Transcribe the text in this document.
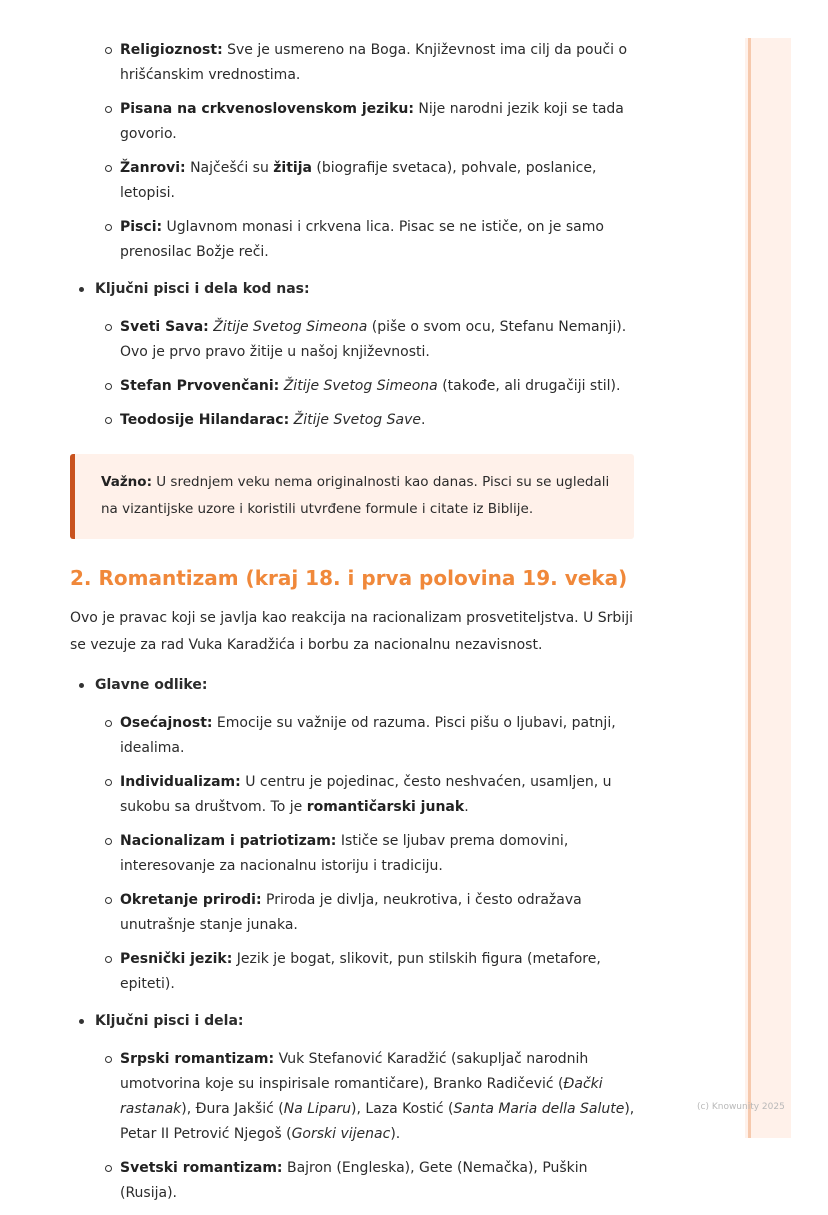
(c) Knowunity 2025
Religioznost: Sve je usmereno na Boga. Književnost ima cilj da pouči o hrišćanskim vrednostima.
Pisana na crkvenoslovenskom jeziku: Nije narodni jezik koji se tada govorio.
Žanrovi: Najčešći su žitija (biografije svetaca), pohvale, poslanice, letopisi.
Pisci: Uglavnom monasi i crkvena lica. Pisac se ne ističe, on je samo prenosilac Božje reči.
Ključni pisci i dela kod nas:
Sveti Sava: Žitije Svetog Simeona (piše o svom ocu, Stefanu Nemanji). Ovo je prvo pravo žitije u našoj književnosti.
Stefan Prvovenčani: Žitije Svetog Simeona (takođe, ali drugačiji stil).
Teodosije Hilandarac: Žitije Svetog Save.
Važno: U srednjem veku nema originalnosti kao danas. Pisci su se ugledali na vizantijske uzore i koristili utvrđene formule i citate iz Biblije.
2. Romantizam (kraj 18. i prva polovina 19. veka)

Ovo je pravac koji se javlja kao reakcija na racionalizam prosvetiteljstva. U Srbiji se vezuje za rad Vuka Karadžića i borbu za nacionalnu nezavisnost.

Glavne odlike:
Osećajnost: Emocije su važnije od razuma. Pisci pišu o ljubavi, patnji, idealima.
Individualizam: U centru je pojedinac, često neshvaćen, usamljen, u sukobu sa društvom. To je romantičarski junak.
Nacionalizam i patriotizam: Ističe se ljubav prema domovini, interesovanje za nacionalnu istoriju i tradiciju.
Okretanje prirodi: Priroda je divlja, neukrotiva, i često odražava unutrašnje stanje junaka.
Pesnički jezik: Jezik je bogat, slikovit, pun stilskih figura (metafore, epiteti).
Ključni pisci i dela:
Srpski romantizam: Vuk Stefanović Karadžić (sakupljač narodnih umotvorina koje su inspirisale romantičare), Branko Radičević (Đački rastanak), Đura Jakšić (Na Liparu), Laza Kostić (Santa Maria della Salute), Petar II Petrović Njegoš (Gorski vijenac).
Svetski romantizam: Bajron (Engleska), Gete (Nemačka), Puškin (Rusija).
